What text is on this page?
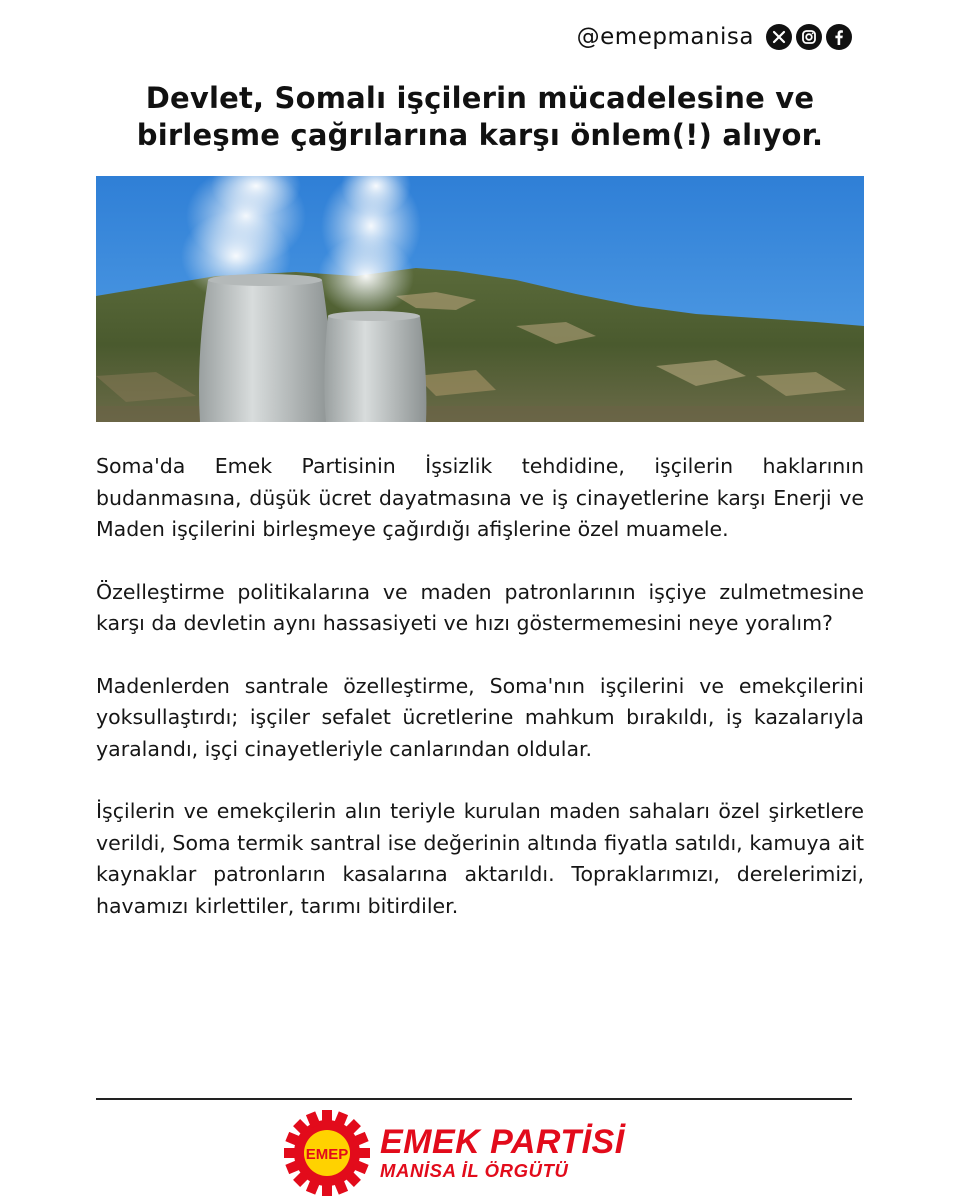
@emepmanisa
Devlet, Somalı işçilerin mücadelesine ve
birleşme çağrılarına karşı önlem(!) alıyor.

Soma'da Emek Partisinin İşsizlik tehdidine, işçilerin haklarının budanmasına, düşük ücret dayatmasına ve iş cinayetlerine karşı Enerji ve Maden işçilerini birleşmeye çağırdığı afişlerine özel muamele.

Özelleştirme politikalarına ve maden patronlarının işçiye zulmetmesine karşı da devletin aynı hassasiyeti ve hızı göstermemesini neye yoralım?

Madenlerden santrale özelleştirme, Soma'nın işçilerini ve emekçilerini yoksullaştırdı; işçiler sefalet ücretlerine mahkum bırakıldı, iş kazalarıyla yaralandı, işçi cinayetleriyle canlarından oldular.

İşçilerin ve emekçilerin alın teriyle kurulan maden sahaları özel şirketlere verildi, Soma termik santral ise değerinin altında fiyatla satıldı, kamuya ait kaynaklar patronların kasalarına aktarıldı. Topraklarımızı, derelerimizi, havamızı kirlettiler, tarımı bitirdiler.

EMEP EMEK PARTİSİ
MANİSA İL ÖRGÜTÜ
